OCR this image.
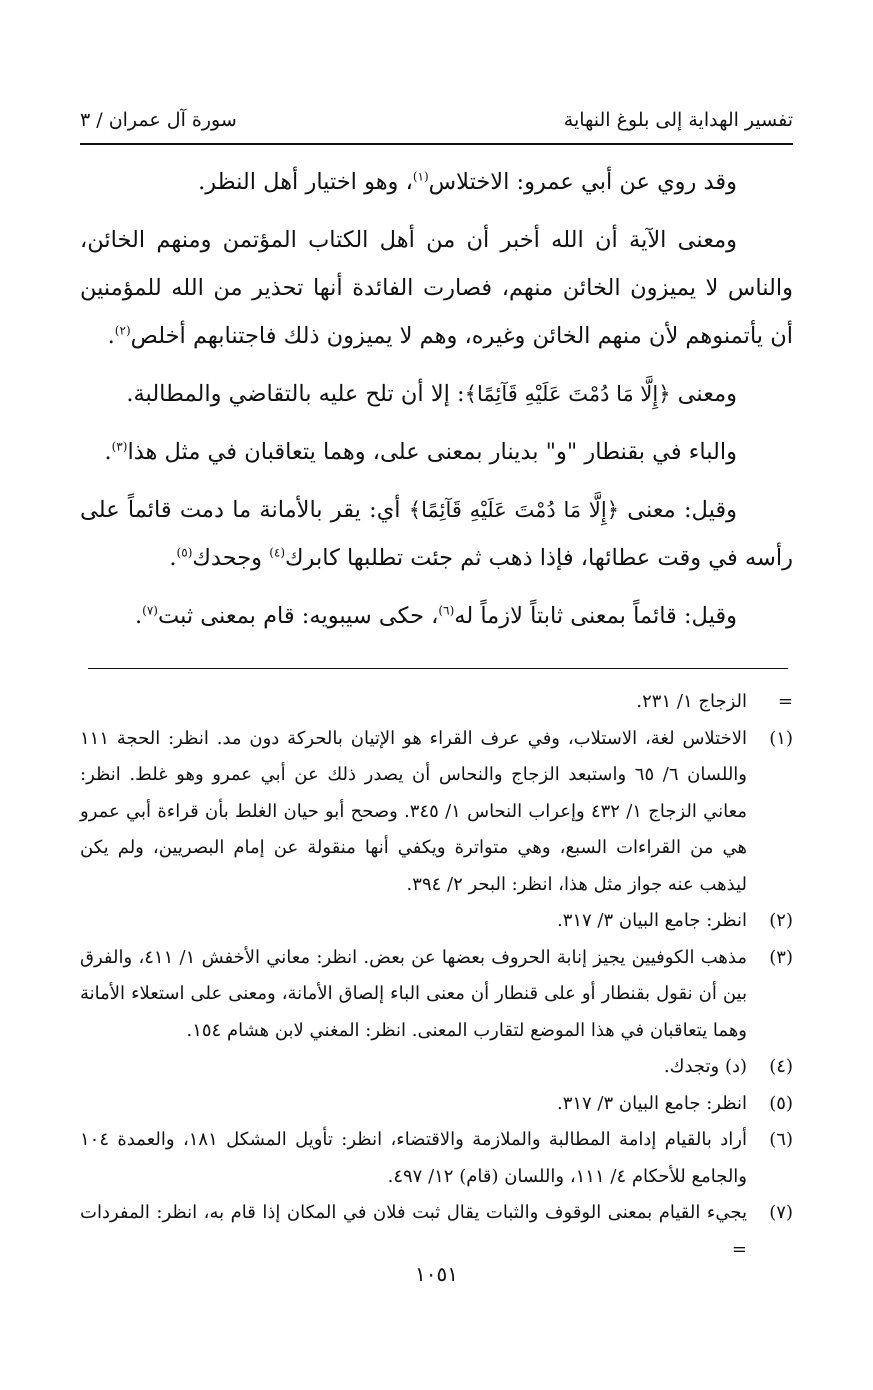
سورة آل عمران / ٣	تفسير الهداية إلى بلوغ النهاية

وقد روي عن أبي عمرو: الاختلاس$^{(١)}$، وهو اختيار أهل النظر.

ومعنى الآية أن الله أخبر أن من أهل الكتاب المؤتمن ومنهم الخائن، والناس لا يميزون الخائن منهم، فصارت الفائدة أنها تحذير من الله للمؤمنين أن يأتمنوهم لأن منهم الخائن وغيره، وهم لا يميزون ذلك فاجتنابهم أخلص$^{(٢)}$.

ومعنى ﴿إِلَّا مَا دُمْتَ عَلَيْهِ قَآئِمًا﴾: إلا أن تلح عليه بالتقاضي والمطالبة.

والباء في بقنطار "و" بدينار بمعنى على، وهما يتعاقبان في مثل هذا$^{(٣)}$.

وقيل: معنى ﴿إِلَّا مَا دُمْتَ عَلَيْهِ قَآئِمًا﴾ أي: يقر بالأمانة ما دمت قائماً على رأسه في وقت عطائها، فإذا ذهب ثم جئت تطلبها كابرك$^{(٤)}$ وجحدك$^{(٥)}$.

وقيل: قائماً بمعنى ثابتاً لازماً له$^{(٦)}$، حكى سيبويه: قام بمعنى ثبت$^{(٧)}$.

=
الزجاج ١/ ٢٣١.
(١)
الاختلاس لغة، الاستلاب، وفي عرف القراء هو الإتيان بالحركة دون مد. انظر: الحجة ١١١ واللسان ٦/ ٦٥ واستبعد الزجاج والنحاس أن يصدر ذلك عن أبي عمرو وهو غلط. انظر: معاني الزجاج ١/ ٤٣٢ وإعراب النحاس ١/ ٣٤٥. وصحح أبو حيان الغلط بأن قراءة أبي عمرو هي من القراءات السبع، وهي متواترة ويكفي أنها منقولة عن إمام البصريين، ولم يكن ليذهب عنه جواز مثل هذا، انظر: البحر ٢/ ٣٩٤.
(٢)
انظر: جامع البيان ٣/ ٣١٧.
(٣)
مذهب الكوفيين يجيز إنابة الحروف بعضها عن بعض. انظر: معاني الأخفش ١/ ٤١١، والفرق بين أن نقول بقنطار أو على قنطار أن معنى الباء إلصاق الأمانة، ومعنى على استعلاء الأمانة وهما يتعاقبان في هذا الموضع لتقارب المعنى. انظر: المغني لابن هشام ١٥٤.
(٤)
(د) وتجدك.
(٥)
انظر: جامع البيان ٣/ ٣١٧.
(٦)
أراد بالقيام إدامة المطالبة والملازمة والاقتضاء، انظر: تأويل المشكل ١٨١، والعمدة ١٠٤ والجامع للأحكام ٤/ ١١١، واللسان (قام) ١٢/ ٤٩٧.
(٧)
يجيء القيام بمعنى الوقوف والثبات يقال ثبت فلان في المكان إذا قام به، انظر: المفردات =
١٠٥١
